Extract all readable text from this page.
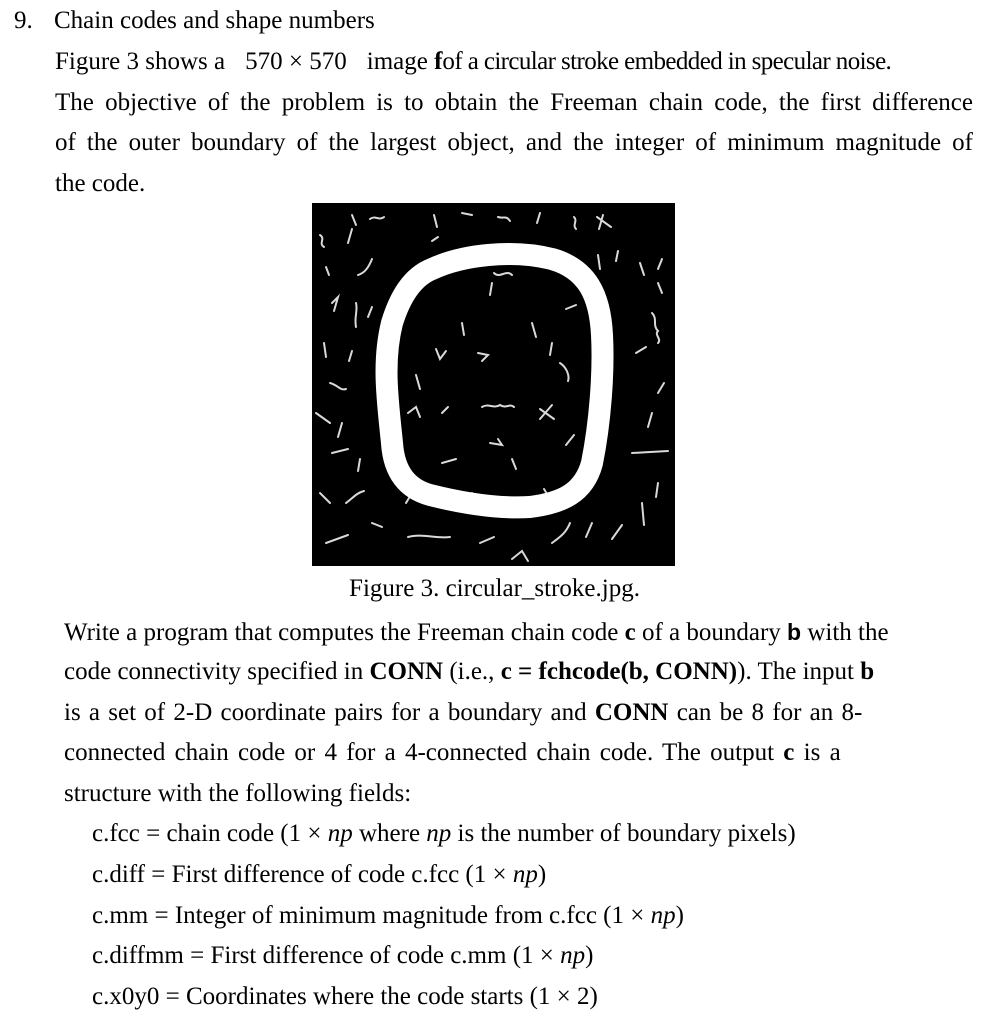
9. Chain codes and shape numbers
Figure 3 shows a 570 × 570 image fof a circular stroke embedded in specular noise.
The objective of the problem is to obtain the Freeman chain code, the first difference
of the outer boundary of the largest object, and the integer of minimum magnitude of
the code.
Figure 3. circular_stroke.jpg.
Write a program that computes the Freeman chain code c of a boundary b with the
code connectivity specified in CONN (i.e., c = fchcode(b, CONN)). The input b
is a set of 2-D coordinate pairs for a boundary and CONN can be 8 for an 8-
connected chain code or 4 for a 4-connected chain code. The output c is a
structure with the following fields:
c.fcc = chain code (1 × np where np is the number of boundary pixels)
c.diff = First difference of code c.fcc (1 × np)
c.mm = Integer of minimum magnitude from c.fcc (1 × np)
c.diffmm = First difference of code c.mm (1 × np)
c.x0y0 = Coordinates where the code starts (1 × 2)
